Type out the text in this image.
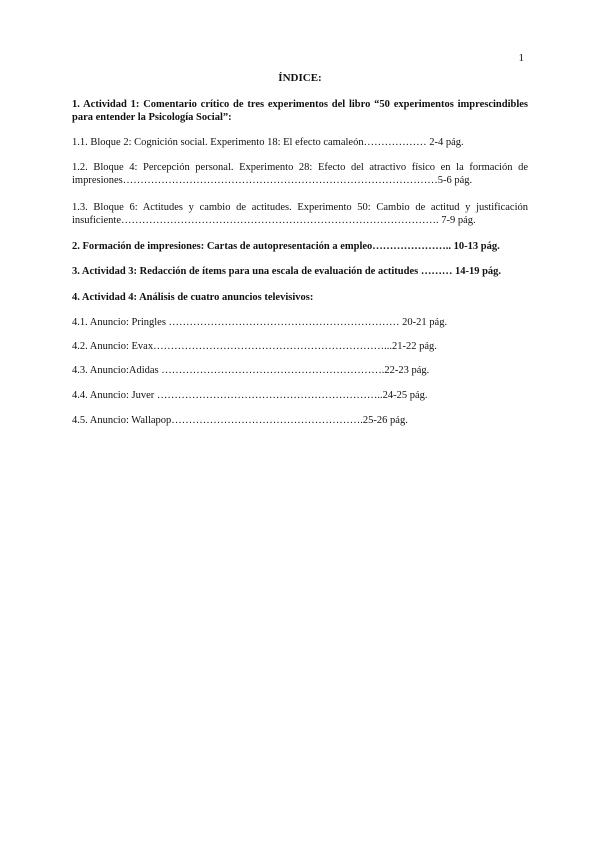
1
ÍNDICE:

1. Actividad 1: Comentario crítico de tres experimentos del libro “50 experimentos imprescindibles para entender la Psicología Social”:

1.1. Bloque 2: Cognición social. Experimento 18: El efecto camaleón……………… 2-4 pág.

1.2. Bloque 4: Percepción personal. Experimento 28: Efecto del atractivo físico en la formación de impresiones………………………………………………………………………………5-6 pág.

1.3. Bloque 6: Actitudes y cambio de actitudes. Experimento 50: Cambio de actitud y justificación insuficiente………………………………………………………………………………. 7-9 pág.

2. Formación de impresiones: Cartas de autopresentación a empleo………………….. 10-13 pág.

3. Actividad 3: Redacción de ítems para una escala de evaluación de actitudes ……… 14-19 pág.

4. Actividad 4: Análisis de cuatro anuncios televisivos:

4.1. Anuncio: Pringles ………………………………………………………… 20-21 pág.

4.2. Anuncio: Evax…………………………………………………………...21-22 pág.

4.3. Anuncio:Adidas ……………………………………………………….22-23 pág.

4.4. Anuncio: Juver ………………………………………………………..24-25 pág.

4.5. Anuncio: Wallapop……………………………………………….25-26 pág.
